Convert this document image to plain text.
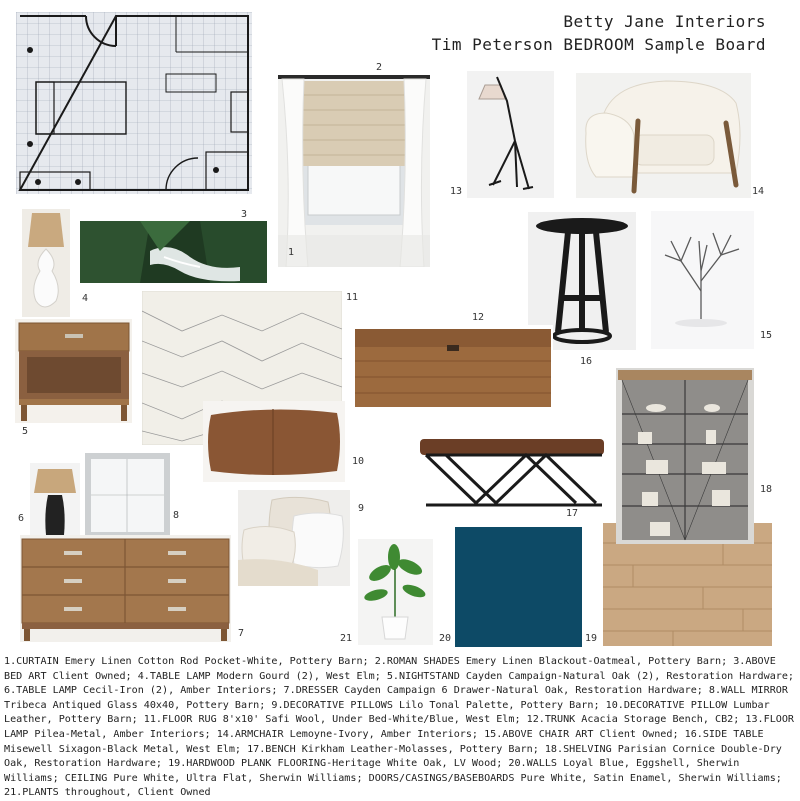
Betty Jane Interiors
Tim Peterson BEDROOM Sample Board
1
2
13	14
4
3
16
15
11
12
5
18
10
17
6	8
9
7	21	20	19
1.CURTAIN Emery Linen Cotton Rod Pocket-White, Pottery Barn; 2.ROMAN SHADES Emery Linen Blackout-Oatmeal, Pottery Barn; 3.ABOVE BED ART Client Owned; 4.TABLE LAMP Modern Gourd (2), West Elm; 5.NIGHTSTAND Cayden Campaign-Natural Oak (2), Restoration Hardware; 6.TABLE LAMP Cecil-Iron (2), Amber Interiors; 7.DRESSER Cayden Campaign 6 Drawer-Natural Oak, Restoration Hardware; 8.WALL MIRROR Tribeca Antiqued Glass 40x40, Pottery Barn; 9.DECORATIVE PILLOWS Lilo Tonal Palette, Pottery Barn; 10.DECORATIVE PILLOW Lumbar Leather, Pottery Barn; 11.FLOOR RUG 8'x10' Safi Wool, Under Bed-White/Blue, West Elm; 12.TRUNK Acacia Storage Bench, CB2; 13.FLOOR LAMP Pilea-Metal, Amber Interiors; 14.ARMCHAIR Lemoyne-Ivory, Amber Interiors; 15.ABOVE CHAIR ART Client Owned; 16.SIDE TABLE Misewell Sixagon-Black Metal, West Elm; 17.BENCH Kirkham Leather-Molasses, Pottery Barn; 18.SHELVING Parisian Cornice Double-Dry Oak, Restoration Hardware; 19.HARDWOOD PLANK FLOORING-Heritage White Oak, LV Wood; 20.WALLS Loyal Blue, Eggshell, Sherwin Williams; CEILING Pure White, Ultra Flat, Sherwin Williams; DOORS/CASINGS/BASEBOARDS Pure White, Satin Enamel, Sherwin Williams; 21.PLANTS throughout, Client Owned
